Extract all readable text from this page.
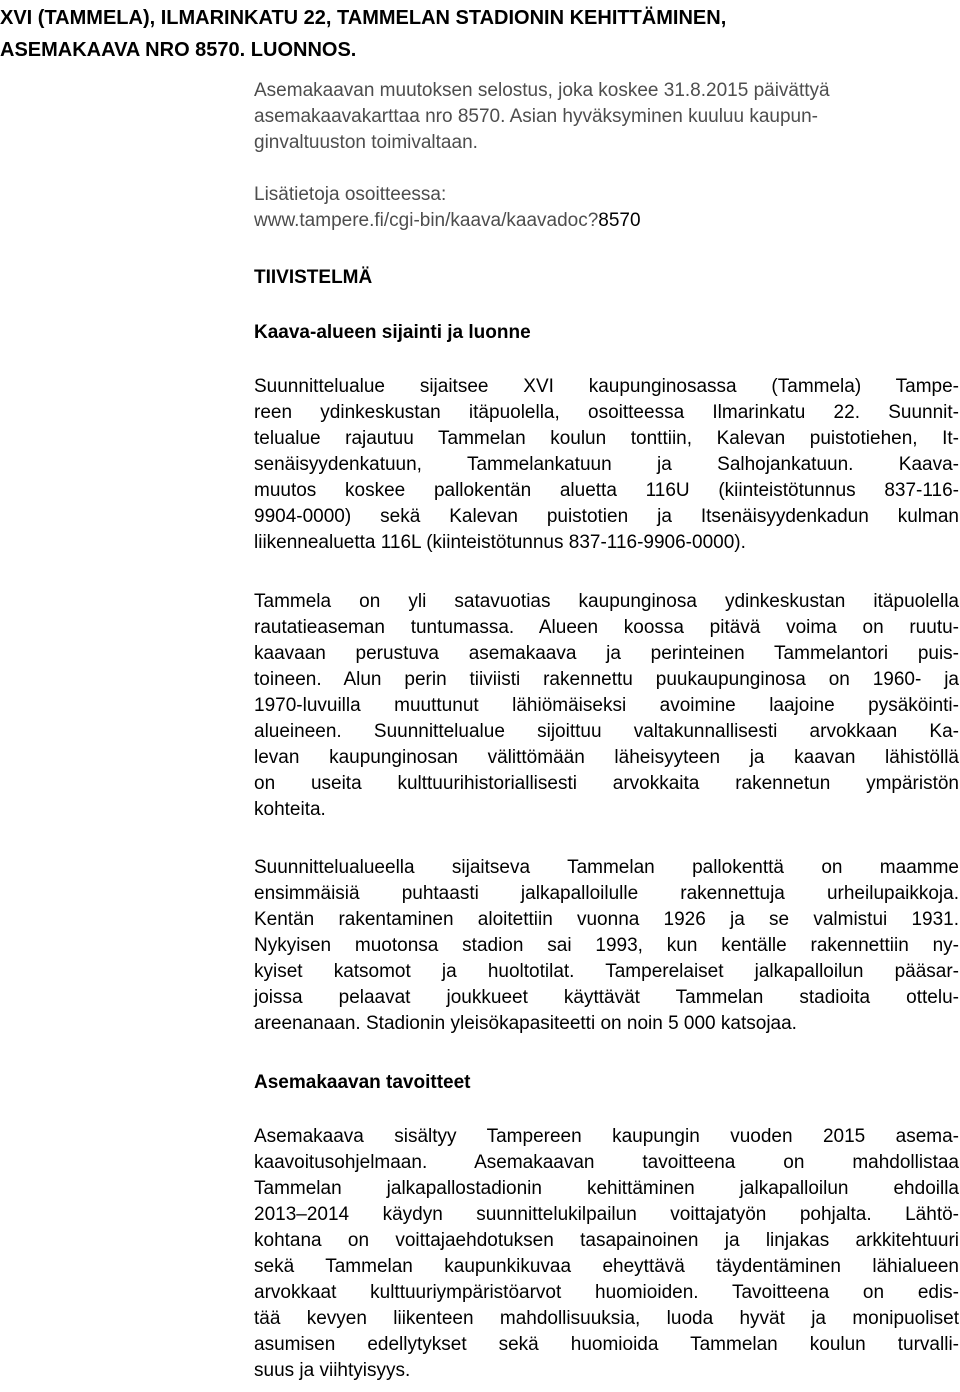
XVI (TAMMELA), ILMARINKATU 22, TAMMELAN STADIONIN KEHITTÄMINEN,
ASEMAKAAVA NRO 8570. LUONNOS.

Asemakaavan muutoksen selostus, joka koskee 31.8.2015 päivättyä

asemakaavakarttaa nro 8570. Asian hyväksyminen kuuluu kaupun-

ginvaltuuston toimivaltaan.

Lisätietoja osoitteessa:

www.tampere.fi/cgi-bin/kaava/kaavadoc?8570

TIIVISTELMÄ

Kaava-alueen sijainti ja luonne

Suunnittelualue sijaitsee XVI kaupunginosassa (Tammela) Tampe-

reen ydinkeskustan itäpuolella, osoitteessa Ilmarinkatu 22. Suunnit-

telualue rajautuu Tammelan koulun tonttiin, Kalevan puistotiehen, It-

senäisyydenkatuun, Tammelankatuun ja Salhojankatuun. Kaava-

muutos koskee pallokentän aluetta 116U (kiinteistötunnus 837-116-

9904-0000) sekä Kalevan puistotien ja Itsenäisyydenkadun kulman

liikennealuetta 116L (kiinteistötunnus 837-116-9906-0000).

Tammela on yli satavuotias kaupunginosa ydinkeskustan itäpuolella

rautatieaseman tuntumassa. Alueen koossa pitävä voima on ruutu-

kaavaan perustuva asemakaava ja perinteinen Tammelantori puis-

toineen. Alun perin tiiviisti rakennettu puukaupunginosa on 1960- ja

1970-luvuilla muuttunut lähiömäiseksi avoimine laajoine pysäköinti-

alueineen. Suunnittelualue sijoittuu valtakunnallisesti arvokkaan Ka-

levan kaupunginosan välittömään läheisyyteen ja kaavan lähistöllä

on useita kulttuurihistoriallisesti arvokkaita rakennetun ympäristön

kohteita.

Suunnittelualueella sijaitseva Tammelan pallokenttä on maamme

ensimmäisiä puhtaasti jalkapalloilulle rakennettuja urheilupaikkoja.

Kentän rakentaminen aloitettiin vuonna 1926 ja se valmistui 1931.

Nykyisen muotonsa stadion sai 1993, kun kentälle rakennettiin ny-

kyiset katsomot ja huoltotilat. Tamperelaiset jalkapalloilun pääsar-

joissa pelaavat joukkueet käyttävät Tammelan stadioita ottelu-

areenanaan. Stadionin yleisökapasiteetti on noin 5 000 katsojaa.

Asemakaavan tavoitteet

Asemakaava sisältyy Tampereen kaupungin vuoden 2015 asema-

kaavoitusohjelmaan. Asemakaavan tavoitteena on mahdollistaa

Tammelan jalkapallostadionin kehittäminen jalkapalloilun ehdoilla

2013–2014 käydyn suunnittelukilpailun voittajatyön pohjalta. Lähtö-

kohtana on voittajaehdotuksen tasapainoinen ja linjakas arkkitehtuuri

sekä Tammelan kaupunkikuvaa eheyttävä täydentäminen lähialueen

arvokkaat kulttuuriympäristöarvot huomioiden. Tavoitteena on edis-

tää kevyen liikenteen mahdollisuuksia, luoda hyvät ja monipuoliset

asumisen edellytykset sekä huomioida Tammelan koulun turvalli-

suus ja viihtyisyys.
